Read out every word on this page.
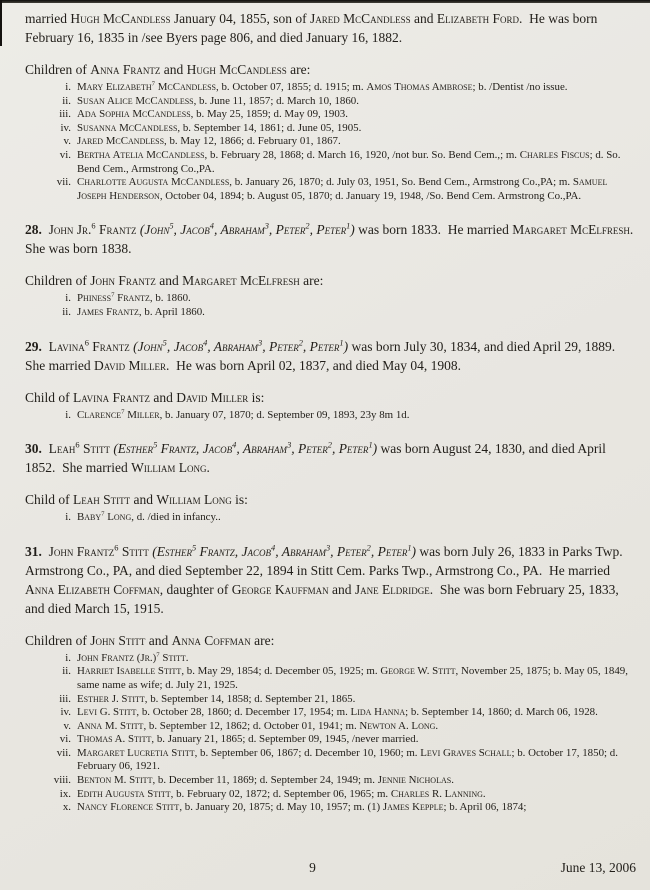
married Hugh McCandless January 04, 1855, son of Jared McCandless and Elizabeth Ford.  He was born February 16, 1835 in /see Byers page 806, and died January 16, 1882.
Children of Anna Frantz and Hugh McCandless are:
i. Mary Elizabeth$^7$ McCandless, b. October 07, 1855; d. 1915; m. Amos Thomas Ambrose; b. /Dentist /no issue.
ii. Susan Alice McCandless, b. June 11, 1857; d. March 10, 1860.
iii. Ada Sophia McCandless, b. May 25, 1859; d. May 09, 1903.
iv. Susanna McCandless, b. September 14, 1861; d. June 05, 1905.
v. Jared McCandless, b. May 12, 1866; d. February 01, 1867.
vi. Bertha Atelia McCandless, b. February 28, 1868; d. March 16, 1920, /not bur. So. Bend Cem.,; m. Charles Fiscus; d. So. Bend Cem., Armstrong Co.,PA.
vii. Charlotte Augusta McCandless, b. January 26, 1870; d. July 03, 1951, So. Bend Cem., Armstrong Co.,PA; m. Samuel Joseph Henderson, October 04, 1894; b. August 05, 1870; d. January 19, 1948, /So. Bend Cem. Armstrong Co.,PA.
28.  John Jr.$^6$ Frantz (John$^5$, Jacob$^4$, Abraham$^3$, Peter$^2$, Peter$^1$) was born 1833.  He married Margaret McElfresh.  She was born 1838.
Children of John Frantz and Margaret McElfresh are:
i. Phiness$^7$ Frantz, b. 1860.
ii. James Frantz, b. April 1860.
29.  Lavina$^6$ Frantz (John$^5$, Jacob$^4$, Abraham$^3$, Peter$^2$, Peter$^1$) was born July 30, 1834, and died April 29, 1889.  She married David Miller.  He was born April 02, 1837, and died May 04, 1908.
Child of Lavina Frantz and David Miller is:
i. Clarence$^7$ Miller, b. January 07, 1870; d. September 09, 1893, 23y 8m 1d.
30.  Leah$^6$ Stitt (Esther$^5$ Frantz, Jacob$^4$, Abraham$^3$, Peter$^2$, Peter$^1$) was born August 24, 1830, and died April 1852.  She married William Long.
Child of Leah Stitt and William Long is:
i. Baby$^7$ Long, d. /died in infancy..
31.  John Frantz$^6$ Stitt (Esther$^5$ Frantz, Jacob$^4$, Abraham$^3$, Peter$^2$, Peter$^1$) was born July 26, 1833 in Parks Twp. Armstrong Co., PA, and died September 22, 1894 in Stitt Cem. Parks Twp., Armstrong Co., PA.  He married Anna Elizabeth Coffman, daughter of George Kauffman and Jane Eldridge.  She was born February 25, 1833, and died March 15, 1915.
Children of John Stitt and Anna Coffman are:
i. John Frantz $(Jr.)^7$ Stitt.
ii. Harriet Isabelle Stitt, b. May 29, 1854; d. December 05, 1925; m. George W. Stitt, November 25, 1875; b. May 05, 1849, same name as wife; d. July 21, 1925.
iii. Esther J. Stitt, b. September 14, 1858; d. September 21, 1865.
iv. Levi G. Stitt, b. October 28, 1860; d. December 17, 1954; m. Lida Hanna; b. September 14, 1860; d. March 06, 1928.
v. Anna M. Stitt, b. September 12, 1862; d. October 01, 1941; m. Newton A. Long.
vi. Thomas A. Stitt, b. January 21, 1865; d. September 09, 1945, /never married.
vii. Margaret Lucretia Stitt, b. September 06, 1867; d. December 10, 1960; m. Levi Graves Schall; b. October 17, 1850; d. February 06, 1921.
viii. Benton M. Stitt, b. December 11, 1869; d. September 24, 1949; m. Jennie Nicholas.
ix. Edith Augusta Stitt, b. February 02, 1872; d. September 06, 1965; m. Charles R. Lanning.
x. Nancy Florence Stitt, b. January 20, 1875; d. May 10, 1957; m. (1) James Kepple; b. April 06, 1874;
9	June 13, 2006
